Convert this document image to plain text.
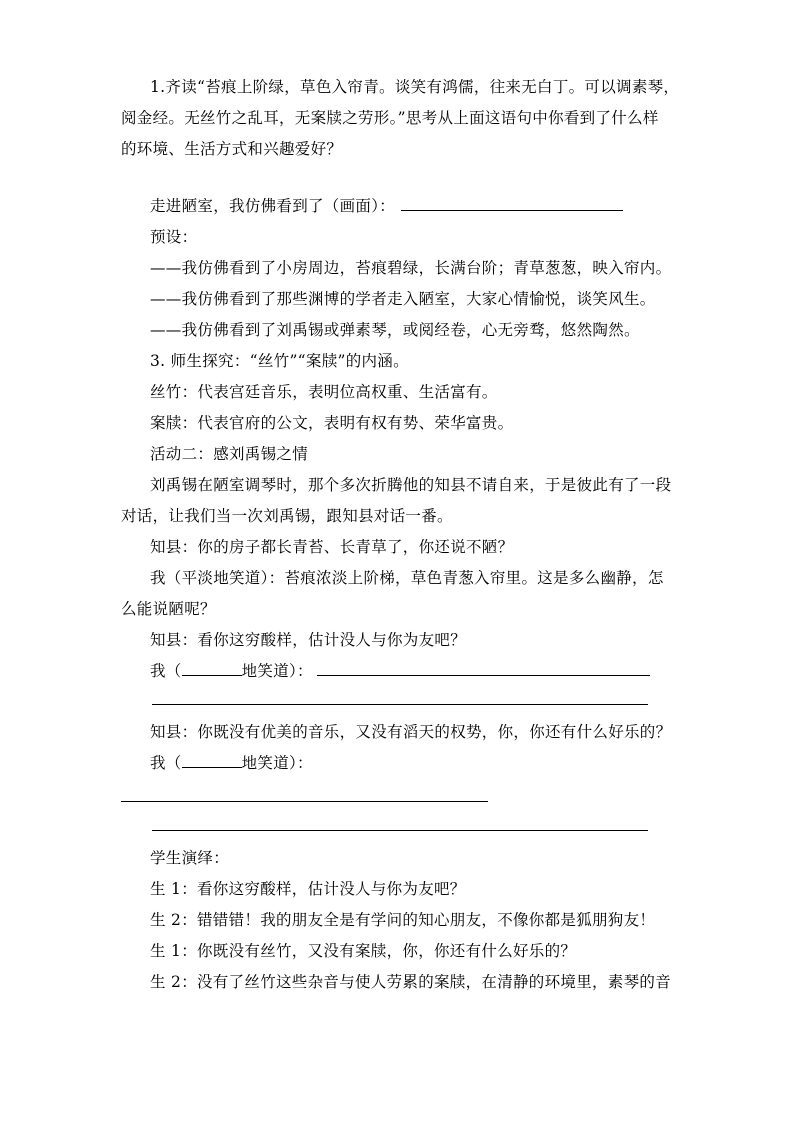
1.齐读“苔痕上阶绿，草色入帘青。谈笑有鸿儒，往来无白丁。可以调素琴，
阅金经。无丝竹之乱耳，无案牍之劳形。”思考从上面这语句中你看到了什么样
的环境、生活方式和兴趣爱好？
走进陋室，我仿佛看到了（画面）：
预设：
——我仿佛看到了小房周边，苔痕碧绿，长满台阶；青草葱葱，映入帘内。
——我仿佛看到了那些渊博的学者走入陋室，大家心情愉悦，谈笑风生。
——我仿佛看到了刘禹锡或弹素琴，或阅经卷，心无旁骛，悠然陶然。
3. 师生探究：“丝竹”“案牍”的内涵。
丝竹：代表宫廷音乐，表明位高权重、生活富有。
案牍：代表官府的公文，表明有权有势、荣华富贵。
活动二：感刘禹锡之情
刘禹锡在陋室调琴时，那个多次折腾他的知县不请自来，于是彼此有了一段
对话，让我们当一次刘禹锡，跟知县对话一番。
知县：你的房子都长青苔、长青草了，你还说不陋？
我（平淡地笑道）：苔痕浓淡上阶梯，草色青葱入帘里。这是多么幽静，怎
么能说陋呢？
知县：看你这穷酸样，估计没人与你为友吧？
我（	地笑道）：
知县：你既没有优美的音乐，又没有滔天的权势，你，你还有什么好乐的？
我（	地笑道）：
学生演绎：
生 1：看你这穷酸样，估计没人与你为友吧？
生 2：错错错！我的朋友全是有学问的知心朋友，不像你都是狐朋狗友！
生 1：你既没有丝竹，又没有案牍，你，你还有什么好乐的？
生 2：没有了丝竹这些杂音与使人劳累的案牍，在清静的环境里，素琴的音
